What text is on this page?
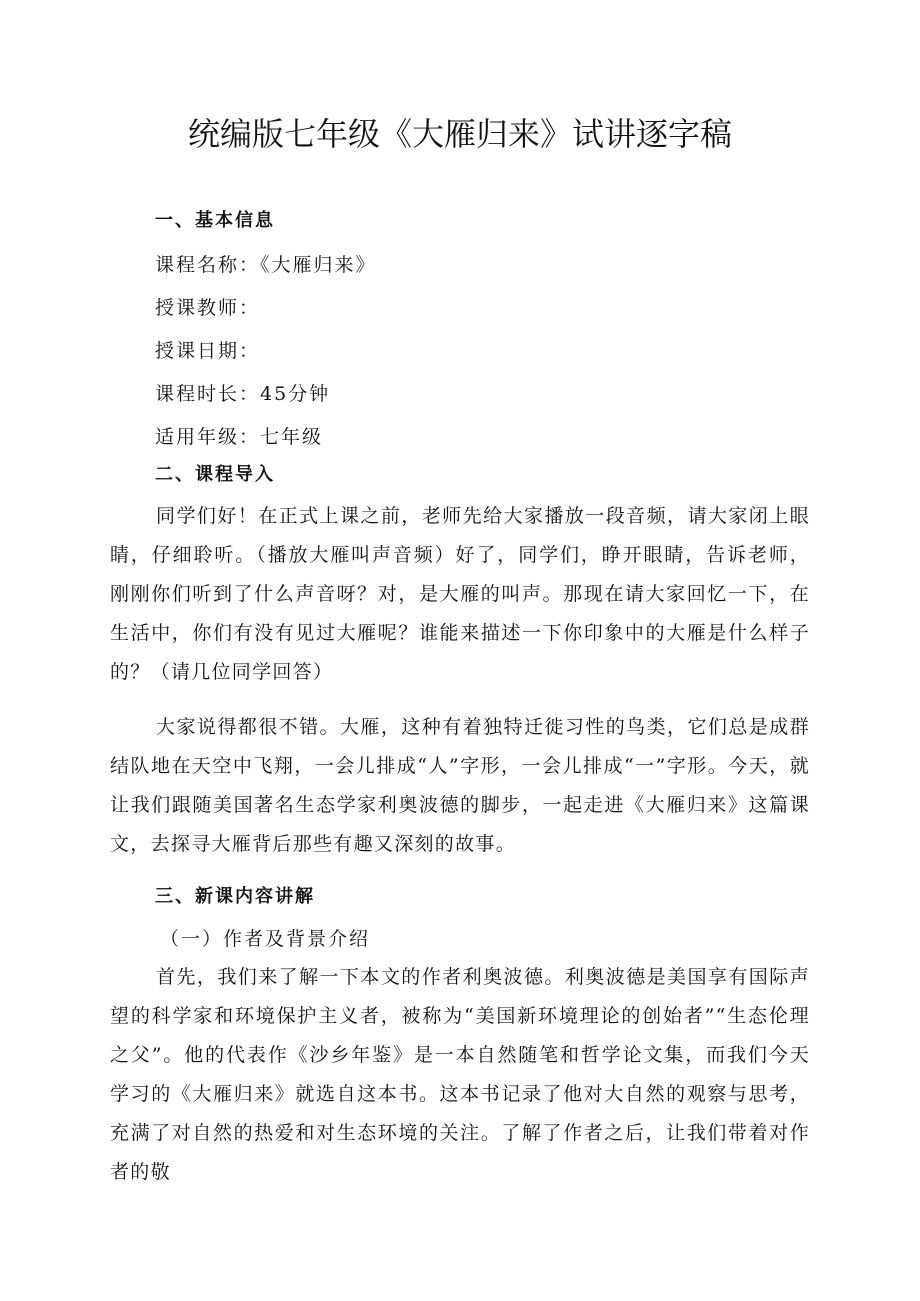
统编版七年级《大雁归来》试讲逐字稿
一、基本信息
课程名称：《大雁归来》
授课教师：
授课日期：
课程时长：45分钟
适用年级：七年级
二、课程导入

同学们好！在正式上课之前，老师先给大家播放一段音频，请大家闭上眼睛，仔细聆听。（播放大雁叫声音频）好了，同学们，睁开眼睛，告诉老师，刚刚你们听到了什么声音呀？对，是大雁的叫声。那现在请大家回忆一下，在生活中，你们有没有见过大雁呢？谁能来描述一下你印象中的大雁是什么样子的？（请几位同学回答）

大家说得都很不错。大雁，这种有着独特迁徙习性的鸟类，它们总是成群结队地在天空中飞翔，一会儿排成“人”字形，一会儿排成“一”字形。今天，就让我们跟随美国著名生态学家利奥波德的脚步，一起走进《大雁归来》这篇课文，去探寻大雁背后那些有趣又深刻的故事。

三、新课内容讲解
（一）作者及背景介绍

首先，我们来了解一下本文的作者利奥波德。利奥波德是美国享有国际声望的科学家和环境保护主义者，被称为“美国新环境理论的创始者”“生态伦理之父”。他的代表作《沙乡年鉴》是一本自然随笔和哲学论文集，而我们今天学习的《大雁归来》就选自这本书。这本书记录了他对大自然的观察与思考，充满了对自然的热爱和对生态环境的关注。了解了作者之后，让我们带着对作者的敬
